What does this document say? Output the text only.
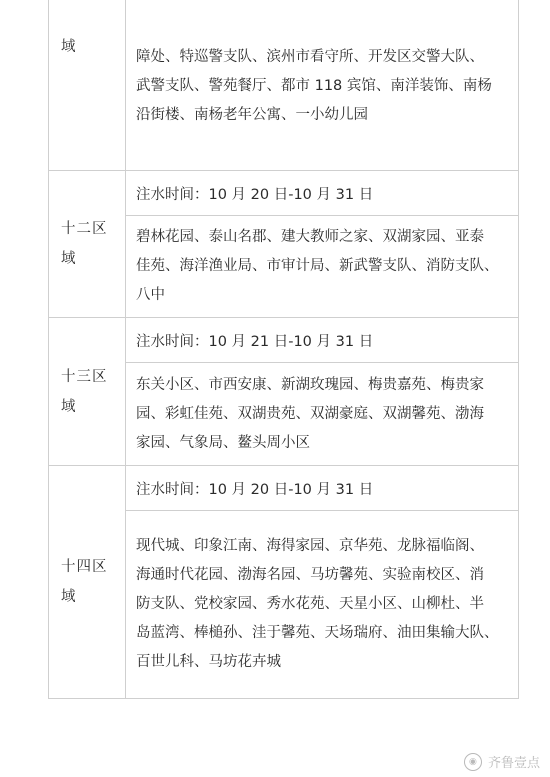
域
障处、特巡警支队、滨州市看守所、开发区交警大队、
武警支队、警苑餐厅、都市 118 宾馆、南洋装饰、南杨
沿街楼、南杨老年公寓、一小幼儿园
十二区
域
注水时间：10 月 20 日-10 月 31 日
碧林花园、泰山名郡、建大教师之家、双湖家园、亚泰
佳苑、海洋渔业局、市审计局、新武警支队、消防支队、
八中
十三区
域
注水时间：10 月 21 日-10 月 31 日
东关小区、市西安康、新湖玫瑰园、梅贵嘉苑、梅贵家
园、彩虹佳苑、双湖贵苑、双湖豪庭、双湖馨苑、渤海
家园、气象局、鳌头周小区
十四区
域
注水时间：10 月 20 日-10 月 31 日
现代城、印象江南、海得家园、京华苑、龙脉福临阁、
海通时代花园、渤海名园、马坊馨苑、实验南校区、消
防支队、党校家园、秀水花苑、天星小区、山柳杜、半
岛蓝湾、棒槌孙、洼于馨苑、天场瑞府、油田集输大队、
百世儿科、马坊花卉城
◉ 齐鲁壹点
